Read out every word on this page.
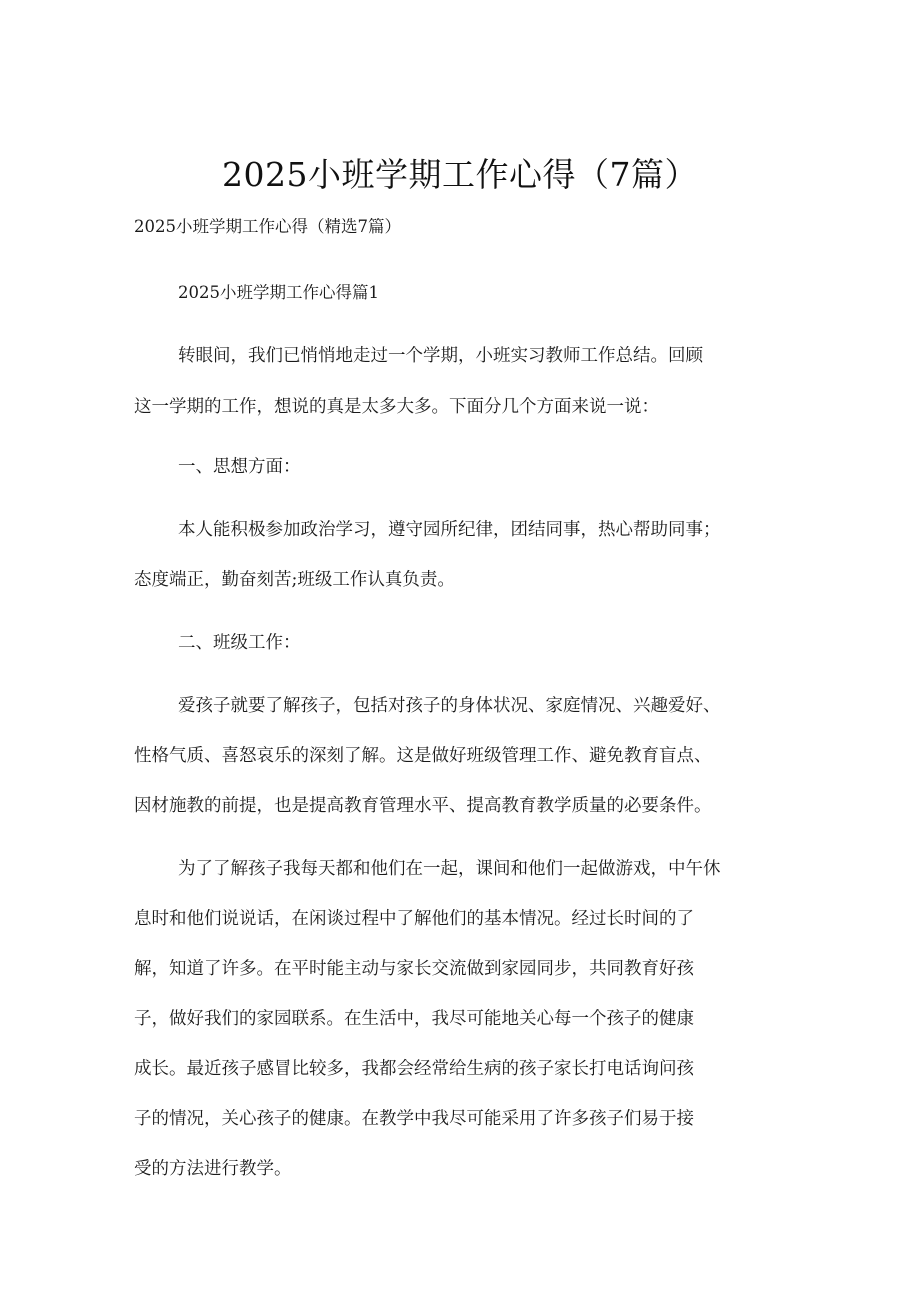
2025小班学期工作心得（7篇）
2025小班学期工作心得（精选7篇）
2025小班学期工作心得篇1
转眼间，我们已悄悄地走过一个学期，小班实习教师工作总结。回顾
这一学期的工作，想说的真是太多大多。下面分几个方面来说一说：
一、思想方面：
本人能积极参加政治学习，遵守园所纪律，团结同事，热心帮助同事；
态度端正，勤奋刻苦;班级工作认真负责。
二、班级工作：
爱孩子就要了解孩子，包括对孩子的身体状况、家庭情况、兴趣爱好、
性格气质、喜怒哀乐的深刻了解。这是做好班级管理工作、避免教育盲点、
因材施教的前提，也是提高教育管理水平、提高教育教学质量的必要条件。
为了了解孩子我每天都和他们在一起，课间和他们一起做游戏，中午休
息时和他们说说话，在闲谈过程中了解他们的基本情况。经过长时间的了
解，知道了许多。在平时能主动与家长交流做到家园同步，共同教育好孩
子，做好我们的家园联系。在生活中，我尽可能地关心每一个孩子的健康
成长。最近孩子感冒比较多，我都会经常给生病的孩子家长打电话询问孩
子的情况，关心孩子的健康。在教学中我尽可能采用了许多孩子们易于接
受的方法进行教学。
